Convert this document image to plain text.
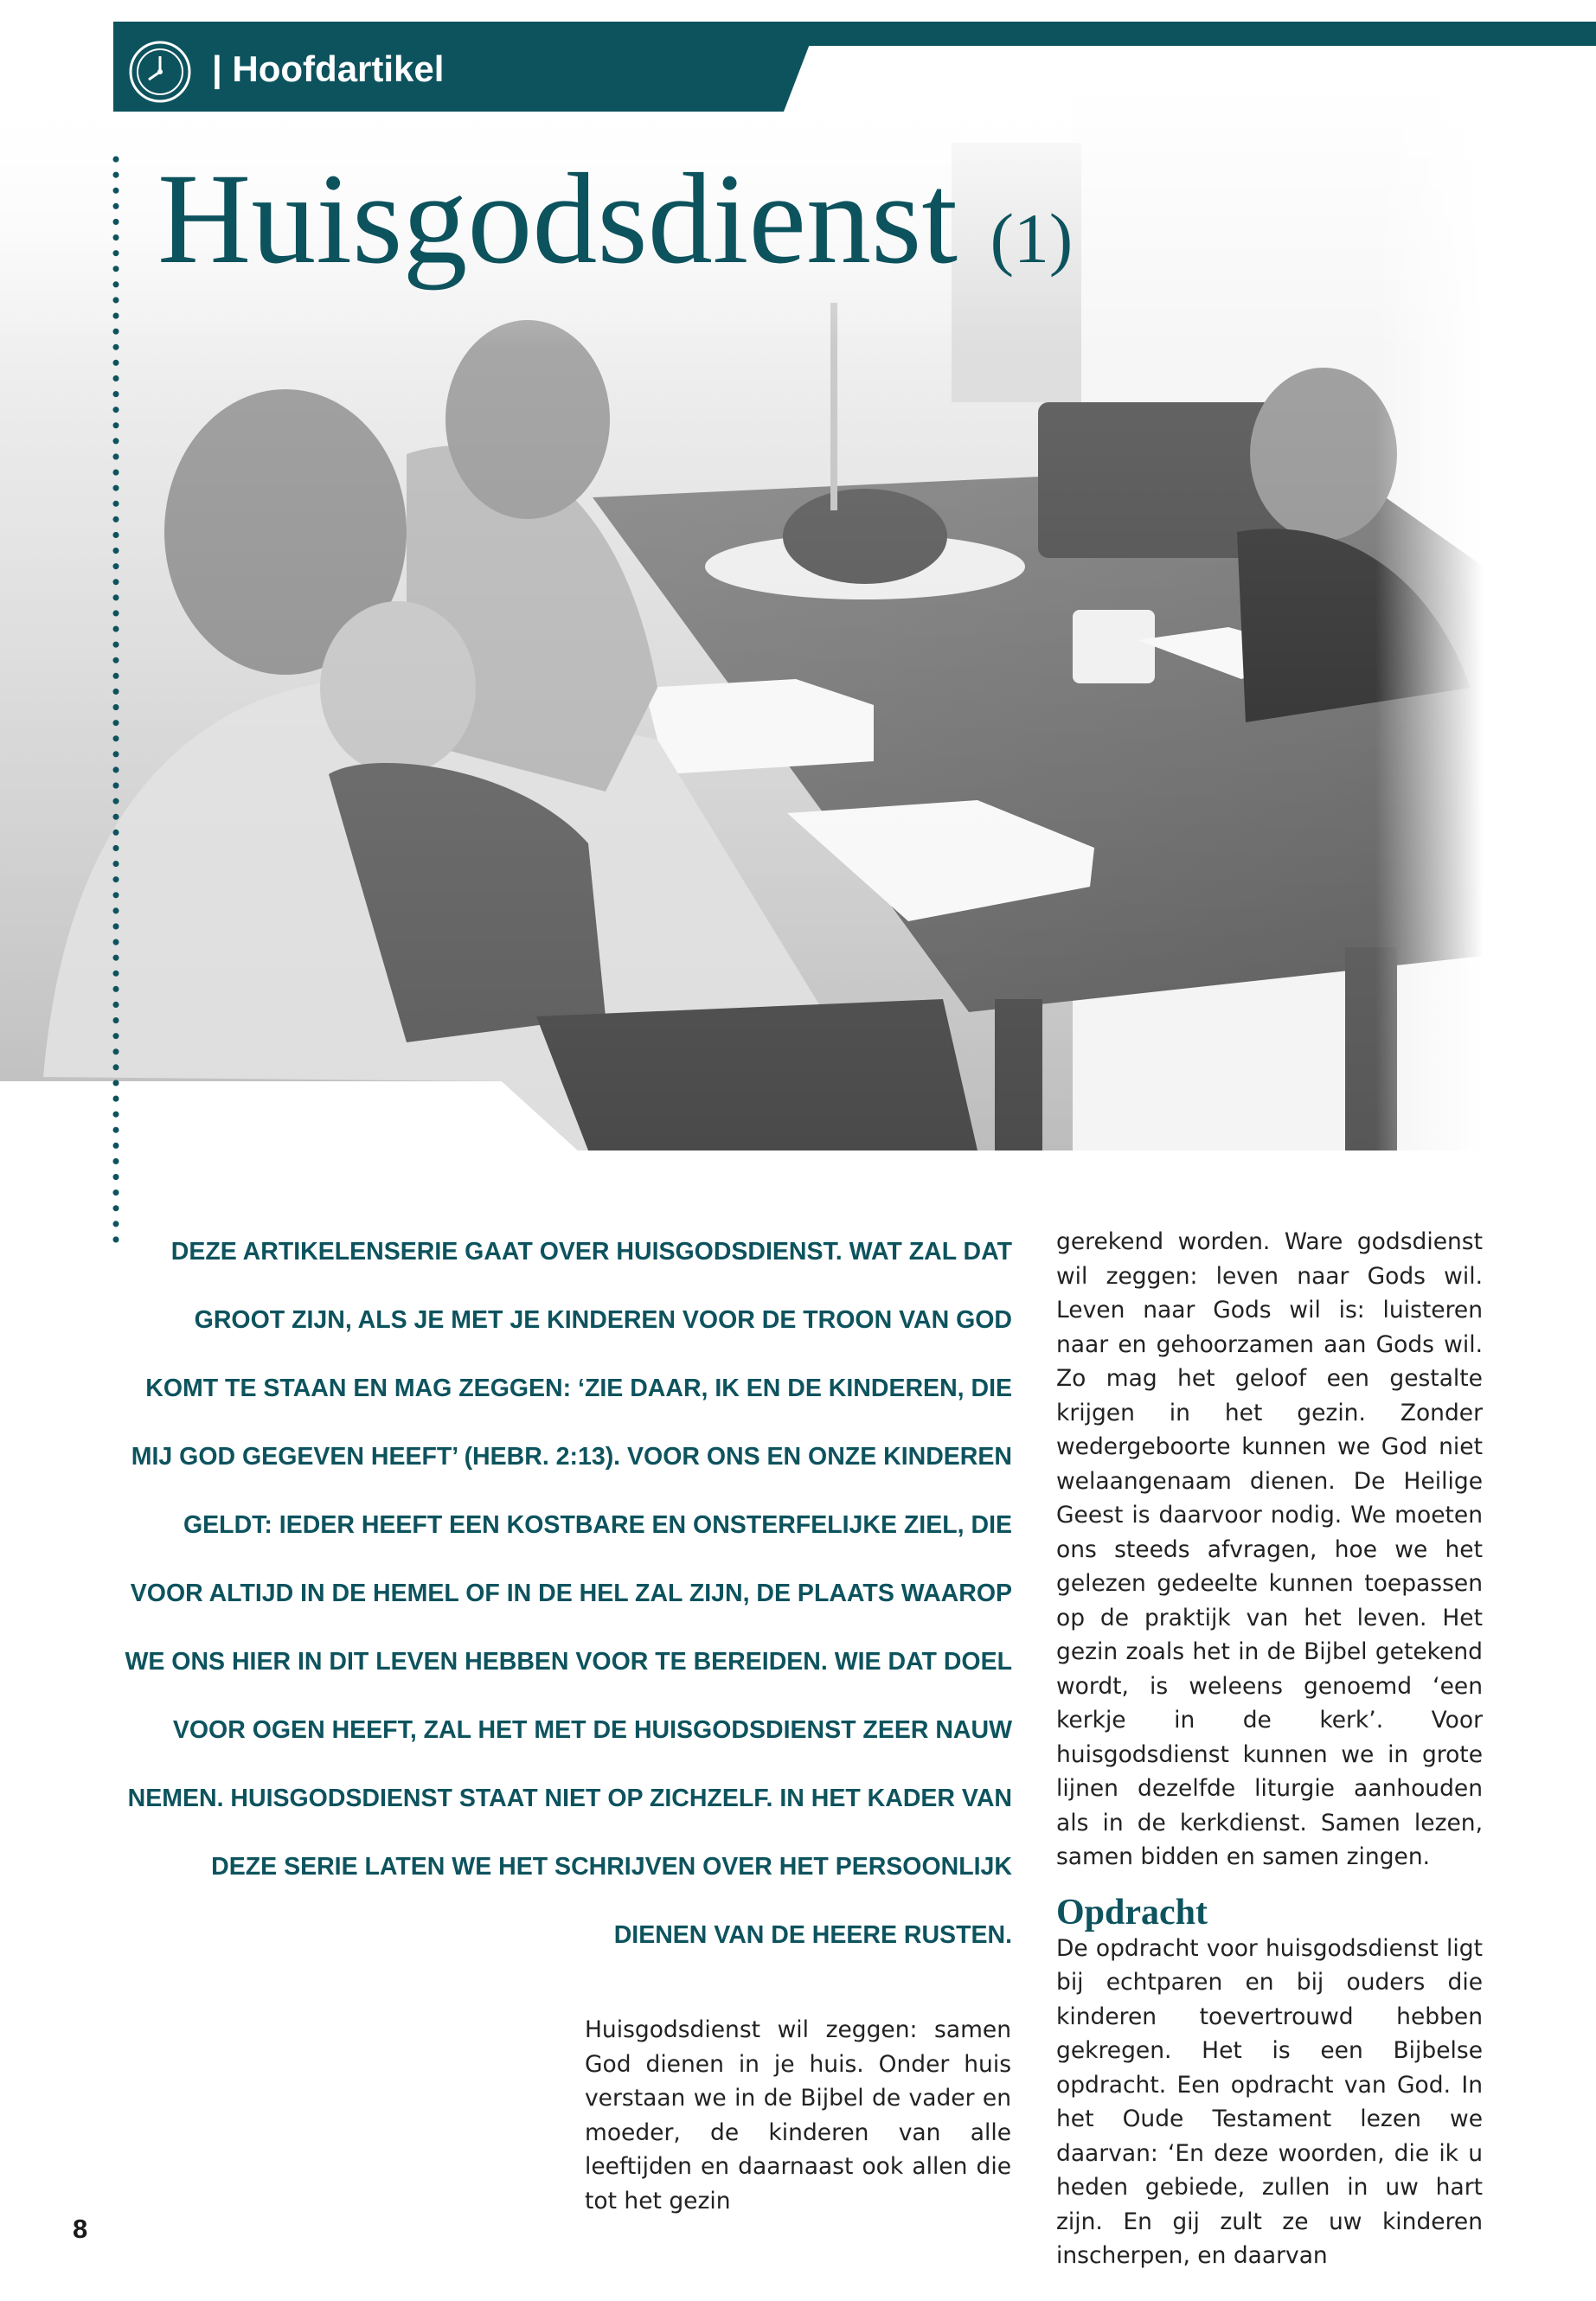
| Hoofdartikel
Huisgodsdienst (1)
DEZE ARTIKELENSERIE GAAT OVER HUISGODSDIENST. WAT ZAL DAT GROOT ZIJN, ALS JE MET JE KINDEREN VOOR DE TROON VAN GOD KOMT TE STAAN EN MAG ZEGGEN: ‘ZIE DAAR, IK EN DE KINDEREN, DIE MIJ GOD GEGEVEN HEEFT’ (HEBR. 2:13). VOOR ONS EN ONZE KINDEREN GELDT: IEDER HEEFT EEN KOSTBARE EN ONSTERFELIJKE ZIEL, DIE VOOR ALTIJD IN DE HEMEL OF IN DE HEL ZAL ZIJN, DE PLAATS WAAROP WE ONS HIER IN DIT LEVEN HEBBEN VOOR TE BEREIDEN. WIE DAT DOEL VOOR OGEN HEEFT, ZAL HET MET DE HUISGODSDIENST ZEER NAUW NEMEN. HUISGODSDIENST STAAT NIET OP ZICHZELF. IN HET KADER VAN DEZE SERIE LATEN WE HET SCHRIJVEN OVER HET PERSOONLIJK DIENEN VAN DE HEERE RUSTEN.

Huisgodsdienst wil zeggen: samen God dienen in je huis. Onder huis verstaan we in de Bijbel de vader en moeder, de kinderen van alle leeftijden en daarnaast ook allen die tot het gezin

gerekend worden. Ware godsdienst wil zeggen: leven naar Gods wil. Leven naar Gods wil is: luisteren naar en gehoorzamen aan Gods wil. Zo mag het geloof een gestalte krijgen in het gezin. Zonder wedergeboorte kunnen we God niet welaangenaam dienen. De Heilige Geest is daarvoor nodig. We moeten ons steeds afvragen, hoe we het gelezen gedeelte kunnen toepassen op de praktijk van het leven. Het gezin zoals het in de Bijbel getekend wordt, is weleens genoemd ‘een kerkje in de kerk’. Voor huisgodsdienst kunnen we in grote lijnen dezelfde liturgie aanhouden als in de kerkdienst. Samen lezen, samen bidden en samen zingen.

Opdracht

De opdracht voor huisgodsdienst ligt bij echtparen en bij ouders die kinderen toevertrouwd hebben gekregen. Het is een Bijbelse opdracht. Een opdracht van God. In het Oude Testament lezen we daarvan: ‘En deze woorden, die ik u heden gebiede, zullen in uw hart zijn. En gij zult ze uw kinderen inscherpen, en daarvan

8
